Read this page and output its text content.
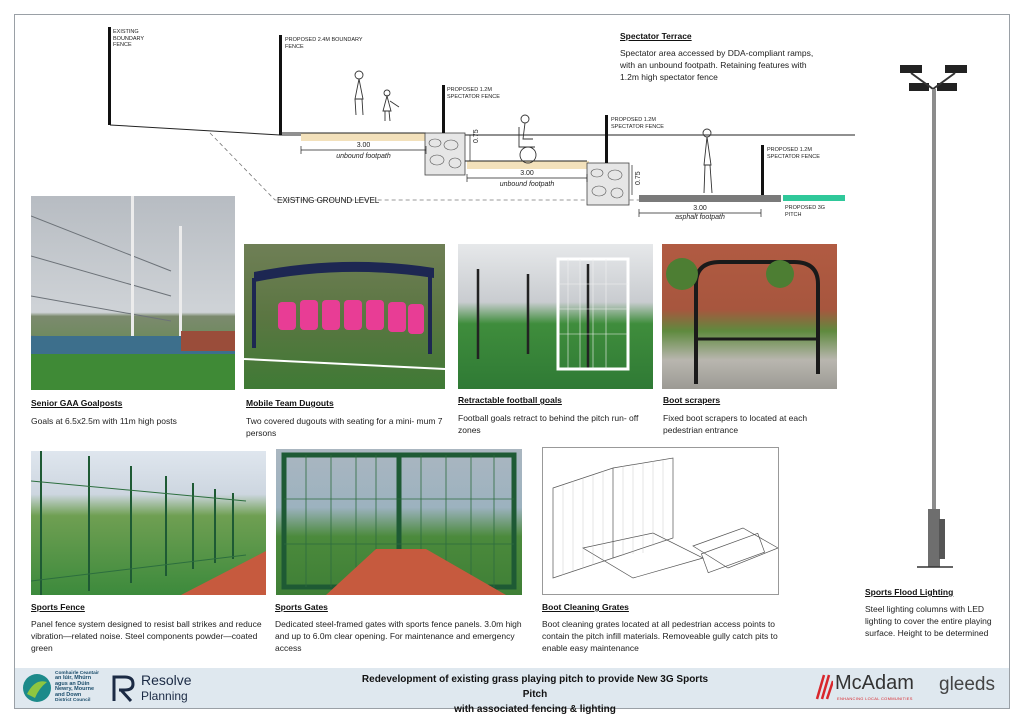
EXISTING BOUNDARY FENCE
PROPOSED 2.4M BOUNDARY FENCE
PROPOSED 1.2M SPECTATOR FENCE
PROPOSED 1.2M SPECTATOR FENCE
PROPOSED 1.2M SPECTATOR FENCE
EXISTING GROUND LEVEL
PROPOSED 3G PITCH
3.00
unbound footpath
3.00
unbound footpath
3.00
asphalt footpath
0.75
0.75
Spectator Terrace
Spectator area accessed by DDA-compliant ramps, with an unbound footpath. Retaining features with 1.2m high spectator fence
Senior GAA Goalposts
Goals at 6.5x2.5m with 11m high posts
Mobile Team Dugouts
Two covered dugouts with seating for a mini- mum 7 persons
Retractable football goals
Football goals retract to behind the pitch run- off zones
Boot scrapers
Fixed boot scrapers to located at each pedestrian entrance
Sports Fence
Panel fence system designed to resist ball strikes and reduce vibration—related noise. Steel components powder—coated green
Sports Gates
Dedicated steel-framed gates with sports fence panels. 3.0m high and up to 6.0m clear opening. For maintenance and emergency access
Boot Cleaning Grates
Boot cleaning grates located at all pedestrian access points to contain the pitch infill materials. Removeable gully catch pits to enable easy maintenance
Sports Flood Lighting
Steel lighting columns with LED lighting to cover the entire playing surface. Height to be determined
Comhairle Ceantair
an Iúir, Mhúrn
agus an Dúin
Newry, Mourne
and Down
District Council
Resolve
Planning
Redevelopment of existing grass playing pitch to provide New 3G Sports Pitch
with associated fencing & lighting
McAdam
ENHANCING LOCAL COMMUNITIES
gleeds
